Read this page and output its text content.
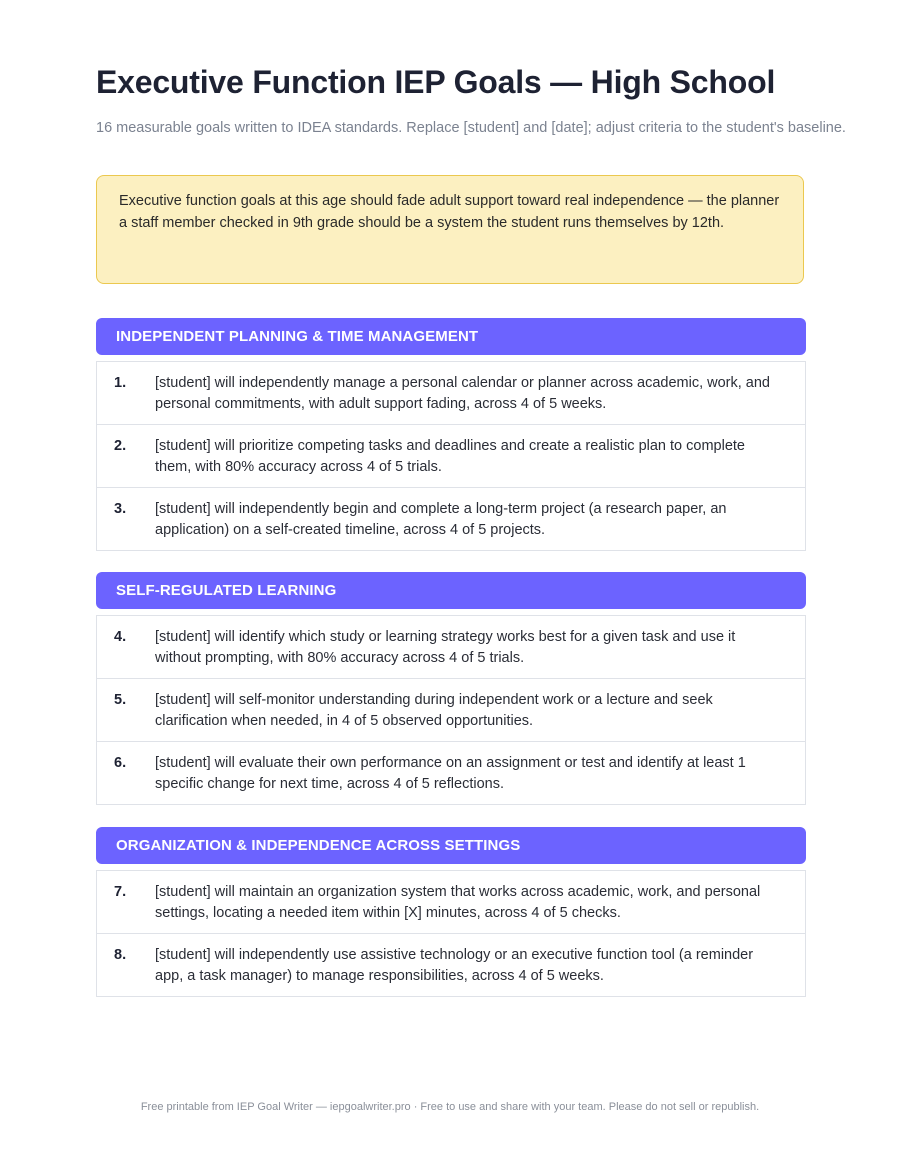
Executive Function IEP Goals — High School
16 measurable goals written to IDEA standards. Replace [student] and [date]; adjust criteria to the student's baseline.
Executive function goals at this age should fade adult support toward real independence — the planner a staff member checked in 9th grade should be a system the student runs themselves by 12th.
INDEPENDENT PLANNING & TIME MANAGEMENT
1.	[student] will independently manage a personal calendar or planner across academic, work, and personal commitments, with adult support fading, across 4 of 5 weeks.
2.	[student] will prioritize competing tasks and deadlines and create a realistic plan to complete them, with 80% accuracy across 4 of 5 trials.
3.	[student] will independently begin and complete a long-term project (a research paper, an application) on a self-created timeline, across 4 of 5 projects.
SELF-REGULATED LEARNING
4.	[student] will identify which study or learning strategy works best for a given task and use it without prompting, with 80% accuracy across 4 of 5 trials.
5.	[student] will self-monitor understanding during independent work or a lecture and seek clarification when needed, in 4 of 5 observed opportunities.
6.	[student] will evaluate their own performance on an assignment or test and identify at least 1 specific change for next time, across 4 of 5 reflections.
ORGANIZATION & INDEPENDENCE ACROSS SETTINGS
7.	[student] will maintain an organization system that works across academic, work, and personal settings, locating a needed item within [X] minutes, across 4 of 5 checks.
8.	[student] will independently use assistive technology or an executive function tool (a reminder app, a task manager) to manage responsibilities, across 4 of 5 weeks.
Free printable from IEP Goal Writer — iepgoalwriter.pro · Free to use and share with your team. Please do not sell or republish.
